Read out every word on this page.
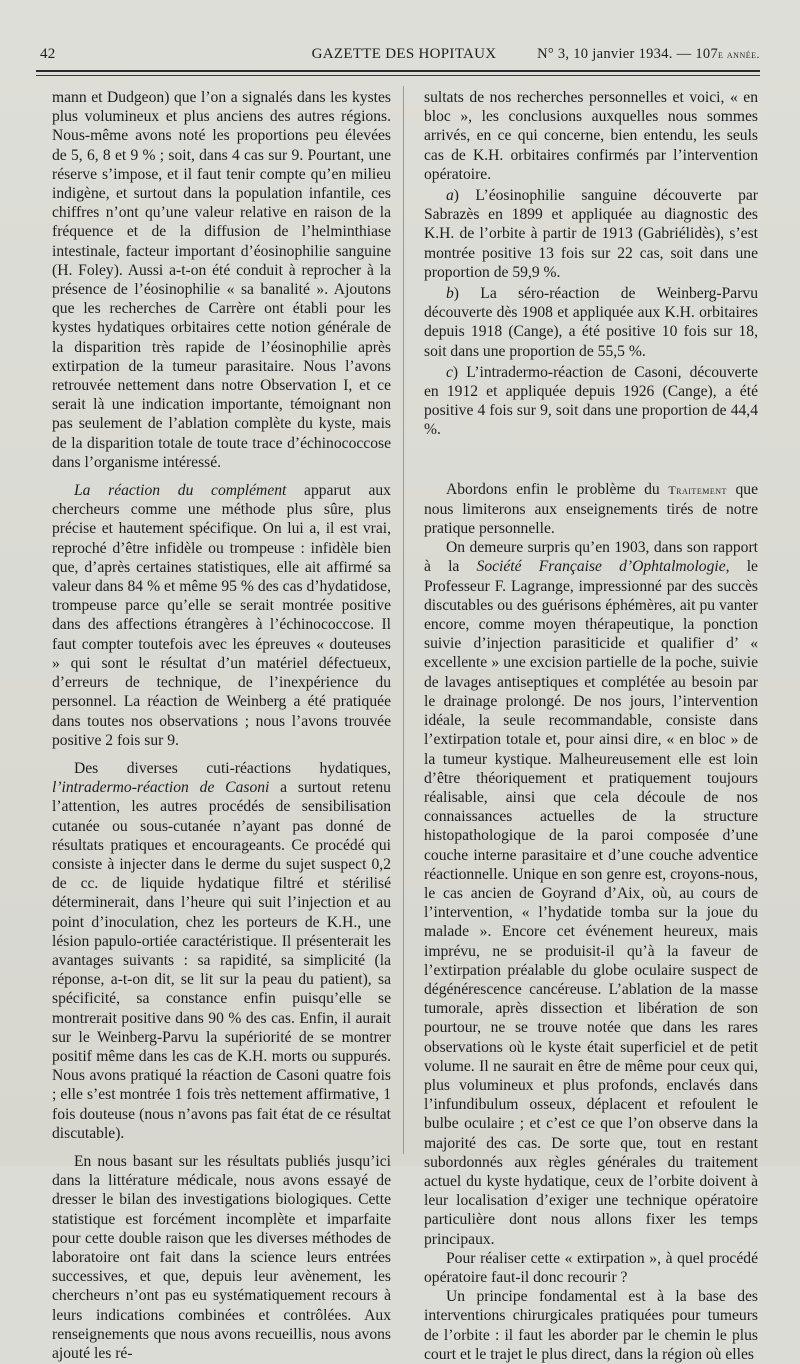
42	GAZETTE DES HOPITAUX	N° 3, 10 janvier 1934. — 107e année.

mann et Dudgeon) que l’on a signalés dans les kystes plus volumineux et plus anciens des autres régions. Nous-même avons noté les proportions peu élevées de 5, 6, 8 et 9 % ; soit, dans 4 cas sur 9. Pourtant, une réserve s’impose, et il faut tenir compte qu’en milieu indigène, et surtout dans la population infantile, ces chiffres n’ont qu’une valeur relative en raison de la fréquence et de la diffusion de l’helminthiase intestinale, facteur important d’éosinophilie sanguine (H. Foley). Aussi a-t-on été conduit à reprocher à la présence de l’éosinophilie « sa banalité ». Ajoutons que les recherches de Carrère ont établi pour les kystes hydatiques orbitaires cette notion générale de la disparition très rapide de l’éosinophilie après extirpation de la tumeur parasitaire. Nous l’avons retrouvée nettement dans notre Observation I, et ce serait là une indication importante, témoignant non pas seulement de l’ablation complète du kyste, mais de la disparition totale de toute trace d’échinococcose dans l’organisme intéressé.

La réaction du complément apparut aux chercheurs comme une méthode plus sûre, plus précise et hautement spécifique. On lui a, il est vrai, reproché d’être infidèle ou trompeuse : infidèle bien que, d’après certaines statistiques, elle ait affirmé sa valeur dans 84 % et même 95 % des cas d’hydatidose, trompeuse parce qu’elle se serait montrée positive dans des affections étrangères à l’échinococcose. Il faut compter toutefois avec les épreuves « douteuses » qui sont le résultat d’un matériel défectueux, d’erreurs de technique, de l’inexpérience du personnel. La réaction de Weinberg a été pratiquée dans toutes nos observations ; nous l’avons trouvée positive 2 fois sur 9.

Des diverses cuti-réactions hydatiques, l’intradermo-réaction de Casoni a surtout retenu l’attention, les autres procédés de sensibilisation cutanée ou sous-cutanée n’ayant pas donné de résultats pratiques et encourageants. Ce procédé qui consiste à injecter dans le derme du sujet suspect 0,2 de cc. de liquide hydatique filtré et stérilisé déterminerait, dans l’heure qui suit l’injection et au point d’inoculation, chez les porteurs de K.H., une lésion papulo-ortiée caractéristique. Il présenterait les avantages suivants : sa rapidité, sa simplicité (la réponse, a-t-on dit, se lit sur la peau du patient), sa spécificité, sa constance enfin puisqu’elle se montrerait positive dans 90 % des cas. Enfin, il aurait sur le Weinberg-Parvu la supériorité de se montrer positif même dans les cas de K.H. morts ou suppurés. Nous avons pratiqué la réaction de Casoni quatre fois ; elle s’est montrée 1 fois très nettement affirmative, 1 fois douteuse (nous n’avons pas fait état de ce résultat discutable).

En nous basant sur les résultats publiés jusqu’ici dans la littérature médicale, nous avons essayé de dresser le bilan des investigations biologiques. Cette statistique est forcément incomplète et imparfaite pour cette double raison que les diverses méthodes de laboratoire ont fait dans la science leurs entrées successives, et que, depuis leur avènement, les chercheurs n’ont pas eu systématiquement recours à leurs indications combinées et contrôlées. Aux renseignements que nous avons recueillis, nous avons ajouté les ré-

sultats de nos recherches personnelles et voici, « en bloc », les conclusions auxquelles nous sommes arrivés, en ce qui concerne, bien entendu, les seuls cas de K.H. orbitaires confirmés par l’intervention opératoire.

a) L’éosinophilie sanguine découverte par Sabrazès en 1899 et appliquée au diagnostic des K.H. de l’orbite à partir de 1913 (Gabriélidès), s’est montrée positive 13 fois sur 22 cas, soit dans une proportion de 59,9 %.

b) La séro-réaction de Weinberg-Parvu découverte dès 1908 et appliquée aux K.H. orbitaires depuis 1918 (Cange), a été positive 10 fois sur 18, soit dans une proportion de 55,5 %.

c) L’intradermo-réaction de Casoni, découverte en 1912 et appliquée depuis 1926 (Cange), a été positive 4 fois sur 9, soit dans une proportion de 44,4 %.

Abordons enfin le problème du Traitement que nous limiterons aux enseignements tirés de notre pratique personnelle.

On demeure surpris qu’en 1903, dans son rapport à la Société Française d’Ophtalmologie, le Professeur F. Lagrange, impressionné par des succès discutables ou des guérisons éphémères, ait pu vanter encore, comme moyen thérapeutique, la ponction suivie d’injection parasiticide et qualifier d’ « excellente » une excision partielle de la poche, suivie de lavages antiseptiques et complétée au besoin par le drainage prolongé. De nos jours, l’intervention idéale, la seule recommandable, consiste dans l’extirpation totale et, pour ainsi dire, « en bloc » de la tumeur kystique. Malheureusement elle est loin d’être théoriquement et pratiquement toujours réalisable, ainsi que cela découle de nos connaissances actuelles de la structure histopathologique de la paroi composée d’une couche interne parasitaire et d’une couche adventice réactionnelle. Unique en son genre est, croyons-nous, le cas ancien de Goyrand d’Aix, où, au cours de l’intervention, « l’hydatide tomba sur la joue du malade ». Encore cet événement heureux, mais imprévu, ne se produisit-il qu’à la faveur de l’extirpation préalable du globe oculaire suspect de dégénérescence cancéreuse. L’ablation de la masse tumorale, après dissection et libération de son pourtour, ne se trouve notée que dans les rares observations où le kyste était superficiel et de petit volume. Il ne saurait en être de même pour ceux qui, plus volumineux et plus profonds, enclavés dans l’infundibulum osseux, déplacent et refoulent le bulbe oculaire ; et c’est ce que l’on observe dans la majorité des cas. De sorte que, tout en restant subordonnés aux règles générales du traitement actuel du kyste hydatique, ceux de l’orbite doivent à leur localisation d’exiger une technique opératoire particulière dont nous allons fixer les temps principaux.

Pour réaliser cette « extirpation », à quel procédé opératoire faut-il donc recourir ?

Un principe fondamental est à la base des interventions chirurgicales pratiquées pour tumeurs de l’orbite : il faut les aborder par le chemin le plus court et le trajet le plus direct, dans la région où elles
